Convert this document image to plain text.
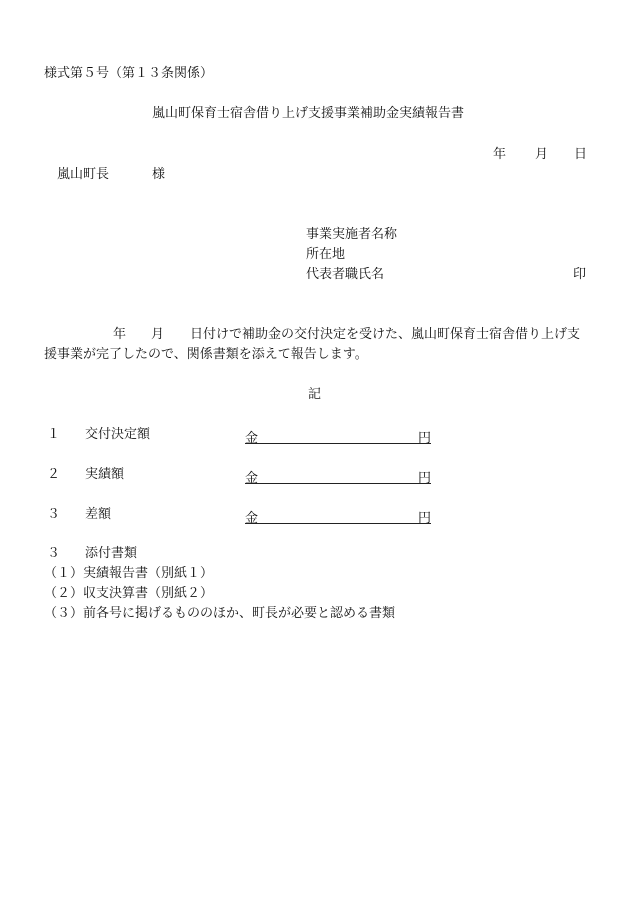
様式第５号（第１３条関係）
嵐山町保育士宿舎借り上げ支援事業補助金実績報告書
年 月 日
嵐山町長	様
事業実施者名称
所在地
代表者職氏名	印
年 月 日付けで補助金の交付決定を受けた、嵐山町保育士宿舎借り上げ支
援事業が完了したので、関係書類を添えて報告します。
記
１ 交付決定額	金	円
２ 実績額	金	円
３ 差額	金	円
３ 添付書類
（１）実績報告書（別紙１）
（２）収支決算書（別紙２）
（３）前各号に掲げるもののほか、町長が必要と認める書類
